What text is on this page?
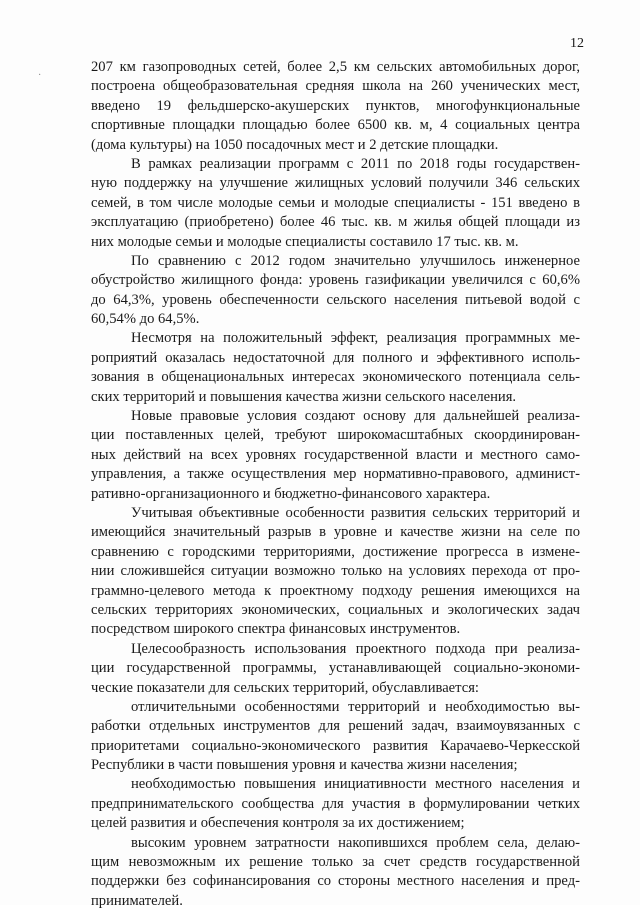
12
·
207 км газопроводных сетей, более 2,5 км сельских автомобильных дорог,
построена общеобразовательная средняя школа на 260 ученических мест,
введено 19 фельдшерско-акушерских пунктов, многофункциональные
спортивные площадки площадью более 6500 кв. м, 4 социальных центра
(дома культуры) на 1050 посадочных мест и 2 детские площадки.
В рамках реализации программ с 2011 по 2018 годы государствен-
ную поддержку на улучшение жилищных условий получили 346 сельских
семей, в том числе молодые семьи и молодые специалисты - 151 введено в
эксплуатацию (приобретено) более 46 тыс. кв. м жилья общей площади из
них молодые семьи и молодые специалисты составило 17 тыс. кв. м.
По сравнению с 2012 годом значительно улучшилось инженерное
обустройство жилищного фонда: уровень газификации увеличился с 60,6%
до 64,3%, уровень обеспеченности сельского населения питьевой водой с
60,54% до 64,5%.
Несмотря на положительный эффект, реализация программных ме-
роприятий оказалась недостаточной для полного и эффективного исполь-
зования в общенациональных интересах экономического потенциала сель-
ских территорий и повышения качества жизни сельского населения.
Новые правовые условия создают основу для дальнейшей реализа-
ции поставленных целей, требуют широкомасштабных скоординирован-
ных действий на всех уровнях государственной власти и местного само-
управления, а также осуществления мер нормативно-правового, админист-
ративно-организационного и бюджетно-финансового характера.
Учитывая объективные особенности развития сельских территорий и
имеющийся значительный разрыв в уровне и качестве жизни на селе по
сравнению с городскими территориями, достижение прогресса в измене-
нии сложившейся ситуации возможно только на условиях перехода от про-
граммно-целевого метода к проектному подходу решения имеющихся на
сельских территориях экономических, социальных и экологических задач
посредством широкого спектра финансовых инструментов.
Целесообразность использования проектного подхода при реализа-
ции государственной программы, устанавливающей социально-экономи-
ческие показатели для сельских территорий, обуславливается:
отличительными особенностями территорий и необходимостью вы-
работки отдельных инструментов для решений задач, взаимоувязанных с
приоритетами социально-экономического развития Карачаево-Черкесской
Республики в части повышения уровня и качества жизни населения;
необходимостью повышения инициативности местного населения и
предпринимательского сообщества для участия в формулировании четких
целей развития и обеспечения контроля за их достижением;
высоким уровнем затратности накопившихся проблем села, делаю-
щим невозможным их решение только за счет средств государственной
поддержки без софинансирования со стороны местного населения и пред-
принимателей.
